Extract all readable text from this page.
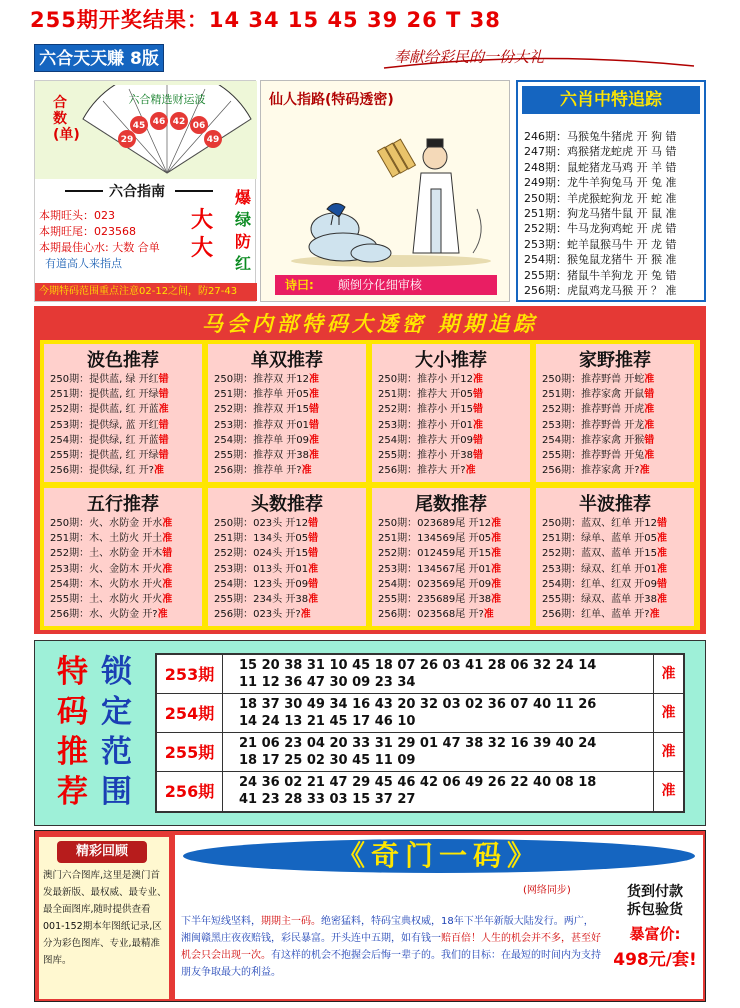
255期开奖结果：14 34 15 45 39 26 T 38
六合天天赚 8版	奉献给彩民的一份大礼
合数(单)
六合精选财运波
45 46 42 06
29	49
六合指南
本期旺头：023
本期旺尾：023568
本期最佳心水: 大数 合单
有道高人来指点
大
大
爆
绿
防
红
今期特码范围重点注意02-12之间，防27-43
仙人指路(特码透密)
诗曰: 颠倒分化细审核
六肖中特追踪
246期：马猴兔牛猪虎 开 狗 错
247期：鸡猴猪龙蛇虎 开 马 错
248期：鼠蛇猪龙马鸡 开 羊 错
249期：龙牛羊狗兔马 开 兔 准
250期：羊虎猴蛇狗龙 开 蛇 准
251期：狗龙马猪牛鼠 开 鼠 准
252期：牛马龙狗鸡蛇 开 虎 错
253期：蛇羊鼠猴马牛 开 龙 错
254期：猴兔鼠龙猪牛 开 猴 准
255期：猪鼠牛羊狗龙 开 兔 错
256期：虎鼠鸡龙马猴 开 ？ 准
马会内部特码大透密 期期追踪
波色推荐
250期：提供蓝, 绿 开红错
251期：提供蓝, 红 开绿错
252期：提供蓝, 红 开蓝准
253期：提供绿, 蓝 开红错
254期：提供绿, 红 开蓝错
255期：提供蓝, 红 开绿错
256期：提供绿, 红 开?准
单双推荐
250期：推荐双 开12准
251期：推荐单 开05准
252期：推荐双 开15错
253期：推荐双 开01错
254期：推荐单 开09准
255期：推荐双 开38准
256期：推荐单 开?准
大小推荐
250期：推荐小 开12准
251期：推荐大 开05错
252期：推荐小 开15错
253期：推荐小 开01准
254期：推荐大 开09错
255期：推荐小 开38错
256期：推荐大 开?准
家野推荐
250期：推荐野兽 开蛇准
251期：推荐家禽 开鼠错
252期：推荐野兽 开虎准
253期：推荐野兽 开龙准
254期：推荐家禽 开猴错
255期：推荐野兽 开兔准
256期：推荐家禽 开?准
五行推荐
250期：火、水防金 开水准
251期：木、土防火 开土准
252期：土、水防金 开木错
253期：火、金防木 开火准
254期：木、火防水 开火准
255期：土、水防火 开火准
256期：水、火防金 开?准
头数推荐
250期：023头 开12错
251期：134头 开05错
252期：024头 开15错
253期：013头 开01准
254期：123头 开09错
255期：234头 开38准
256期：023头 开?准
尾数推荐
250期：023689尾 开12准
251期：134569尾 开05准
252期：012459尾 开15准
253期：134567尾 开01准
254期：023569尾 开09准
255期：235689尾 开38准
256期：023568尾 开?准
半波推荐
250期：蓝双、红单 开12错
251期：绿单、蓝单 开05准
252期：蓝双、蓝单 开15准
253期：绿双、红单 开01准
254期：红单、红双 开09错
255期：绿双、蓝单 开38准
256期：红单、蓝单 开?准
特
码
推
荐
锁
定
范
围
253期	15 20 38 31 10 45 18 07 26 03 41 28 06 32 24 14
11 12 36 47 30 09 23 34
准
254期	18 37 30 49 34 16 43 20 32 03 02 36 07 40 11 26
14 24 13 21 45 17 46 10
准
255期	21 06 23 04 20 33 31 29 01 47 38 32 16 39 40 24
18 17 25 02 30 45 11 09
准
256期	24 36 02 21 47 29 45 46 42 06 49 26 22 40 08 18
41 23 28 33 03 15 37 27
准
精彩回顾
澳门六合图库,这里是澳门首发最新版、最权威、最专业、最全面图库,随时提供查看001-152期本年图纸记录,区分为彩色图库、专业,最精准图库。
《奇门一码》
(网络同步)
下半年短线坚料，期期主一码。绝密猛料，特码宝典权威，18年下半年新版大陆发行。两广，湘闽赣黑庄夜夜赔钱，彩民暴富。开头连中五期，如有钱一赔百倍！人生的机会并不多，甚至好机会只会出现一次。有这样的机会不抱握会后悔一辈子的。我们的目标：在最短的时间内为支持朋友争取最大的利益。
货到付款
拆包验货
暴富价:
498元/套!
